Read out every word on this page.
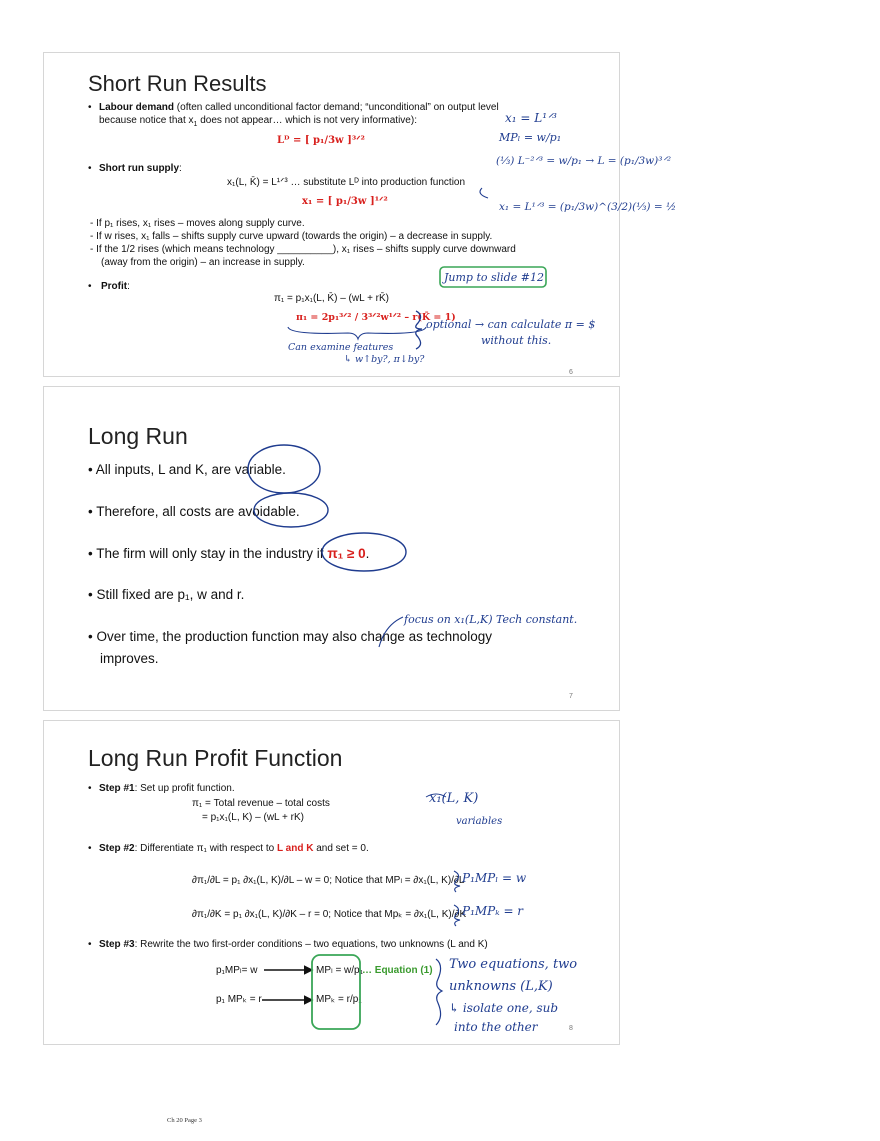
Short Run Results
• Labour demand (often called unconditional factor demand; “unconditional” on output level
because notice that $x_1$ does not appear… which is not very informative):
Lᴰ = [ p₁/3w ]³ᐟ²
• Short run supply:
x₁(L, K̄) = L¹ᐟ³ … substitute Lᴰ into production function
x₁ = [ p₁/3w ]¹ᐟ²
- If p₁ rises, x₁ rises – moves along supply curve.
- If w rises, x₁ falls – shifts supply curve upward (towards the origin) – a decrease in supply.
- If the 1/2 rises (which means technology __________), x₁ rises – shifts supply curve downward
(away from the origin) – an increase in supply.
• Profit:
π₁ = p₁x₁(L, K̄) – (wL + rK̄)
π₁ = 2p₁³ᐟ² / 3³ᐟ²w¹ᐟ² – r(K̄ = 1)
6
x₁ = L¹ᐟ³
MPₗ = w/p₁
(⅓) L⁻²ᐟ³ = w/p₁ → L = (p₁/3w)³ᐟ²
x₁ = L¹ᐟ³ = (p₁/3w)^(3/2)(⅓) = ½
Jump to slide #12
optional → can calculate π = $
without this.
Can examine features
↳ w↑by?, π↓by?
Long Run
• All inputs, L and K, are variable.
• Therefore, all costs are avoidable.
• The firm will only stay in the industry if π₁ ≥ 0.
• Still fixed are p₁, w and r.
• Over time, the production function may also change as technology
improves.
focus on x₁(L,K) Tech constant.
7
Long Run Profit Function
• Step #1: Set up profit function.
π₁ = Total revenue – total costs
= p₁x₁(L, K) – (wL + rK)
• Step #2: Differentiate π₁ with respect to L and K and set = 0.
∂π₁/∂L = p₁ ∂x₁(L, K)/∂L – w = 0; Notice that MPₗ = ∂x₁(L, K)/∂L
∂π₁/∂K = p₁ ∂x₁(L, K)/∂K – r = 0; Notice that Mpₖ = ∂x₁(L, K)/∂K
• Step #3: Rewrite the two first-order conditions – two equations, two unknowns (L and K)
p₁MPₗ= w	MPₗ = w/p₁ … Equation (1)
p₁ MPₖ = r	MPₖ = r/p₁
x₁(L, K)
variables
P₁MPₗ = w
P₁MPₖ = r
Two equations, two
unknowns (L,K)
↳ isolate one, sub
into the other	8
Ch 20 Page 3
